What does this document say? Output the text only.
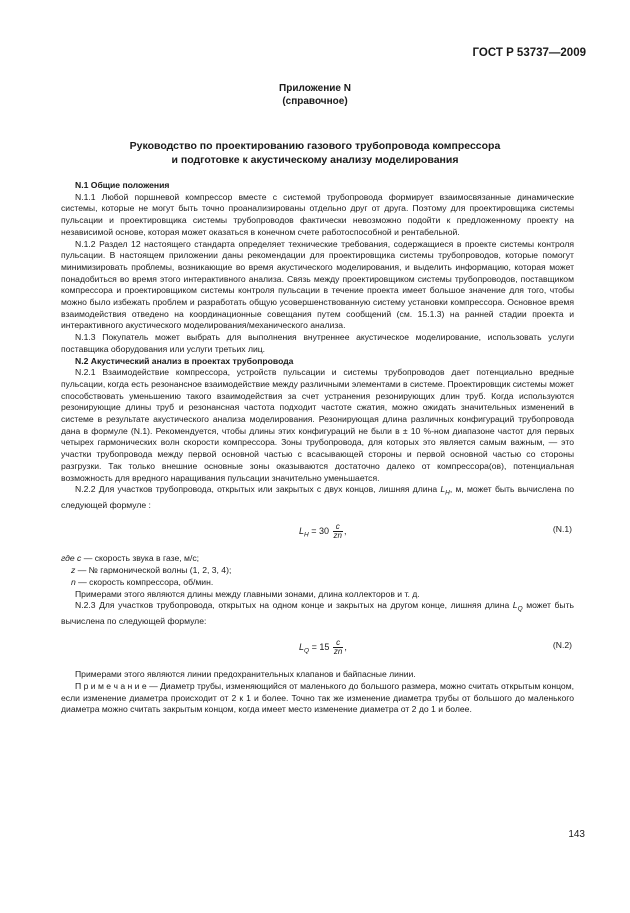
ГОСТ Р 53737—2009
Приложение N
(справочное)
Руководство по проектированию газового трубопровода компрессора
и подготовке к акустическому анализу моделирования

N.1 Общие положения

N.1.1 Любой поршневой компрессор вместе с системой трубопровода формирует взаимосвязанные динамические системы, которые не могут быть точно проанализированы отдельно друг от друга. Поэтому для проектировщика системы пульсации и проектировщика системы трубопроводов фактически невозможно подойти к предложенному проекту на независимой основе, которая может оказаться в конечном счете работоспособной и рентабельной.

N.1.2 Раздел 12 настоящего стандарта определяет технические требования, содержащиеся в проекте системы контроля пульсации. В настоящем приложении даны рекомендации для проектировщика системы трубопроводов, которые помогут минимизировать проблемы, возникающие во время акустического моделирования, и выделить информацию, которая может понадобиться во время этого интерактивного анализа. Связь между проектировщиком системы трубопроводов, поставщиком компрессора и проектировщиком системы контроля пульсации в течение проекта имеет большое значение для того, чтобы можно было избежать проблем и разработать общую усовершенствованную систему установки компрессора. Основное время взаимодействия отведено на координационные совещания путем сообщений (см. 15.1.3) на ранней стадии проекта и интерактивного акустического моделирования/механического анализа.

N.1.3 Покупатель может выбрать для выполнения внутреннее акустическое моделирование, использовать услуги поставщика оборудования или услуги третьих лиц.

N.2 Акустический анализ в проектах трубопровода

N.2.1 Взаимодействие компрессора, устройств пульсации и системы трубопроводов дает потенциально вредные пульсации, когда есть резонансное взаимодействие между различными элементами в системе. Проектировщик системы может способствовать уменьшению такого взаимодействия за счет устранения резонирующих длин труб. Когда используются резонирующие длины труб и резонансная частота подходит частоте сжатия, можно ожидать значительных изменений в системе в результате акустического анализа моделирования. Резонирующая длина различных конфигураций трубопровода дана в формуле (N.1). Рекомендуется, чтобы длины этих конфигураций не были в ± 10 %-ном диапазоне частот для первых четырех гармонических волн скорости компрессора. Зоны трубопровода, для которых это является самым важным, — это участки трубопровода между первой основной частью с всасывающей стороны и первой основной частью со стороны разгрузки. Так только внешние основные зоны оказываются достаточно далеко от компрессора(ов), потенциальная возможность для вредного наращивания пульсации значительно уменьшается.

N.2.2 Для участков трубопровода, открытых или закрытых с двух концов, лишняя длина $L_H$, м, может быть вычислена по следующей формуле :

$L_H = 30 \frac{c}{zn}$ ,	(N.1)

где c — скорость звука в газе, м/с;

z — № гармонической волны (1, 2, 3, 4);

n — скорость компрессора, об/мин.

Примерами этого являются длины между главными зонами, длина коллекторов и т. д.

N.2.3 Для участков трубопровода, открытых на одном конце и закрытых на другом конце, лишняя длина $L_Q$ может быть вычислена по следующей формуле:

$L_Q = 15 \frac{c}{zn}$ ,	(N.2)

Примерами этого являются линии предохранительных клапанов и байпасные линии.

П р и м е ч а н и е — Диаметр трубы, изменяющийся от маленького до большого размера, можно считать открытым концом, если изменение диаметра происходит от 2 к 1 и более. Точно так же изменение диаметра трубы от большого до маленького диаметра можно считать закрытым концом, когда имеет место изменение диаметра от 2 до 1 и более.

143
